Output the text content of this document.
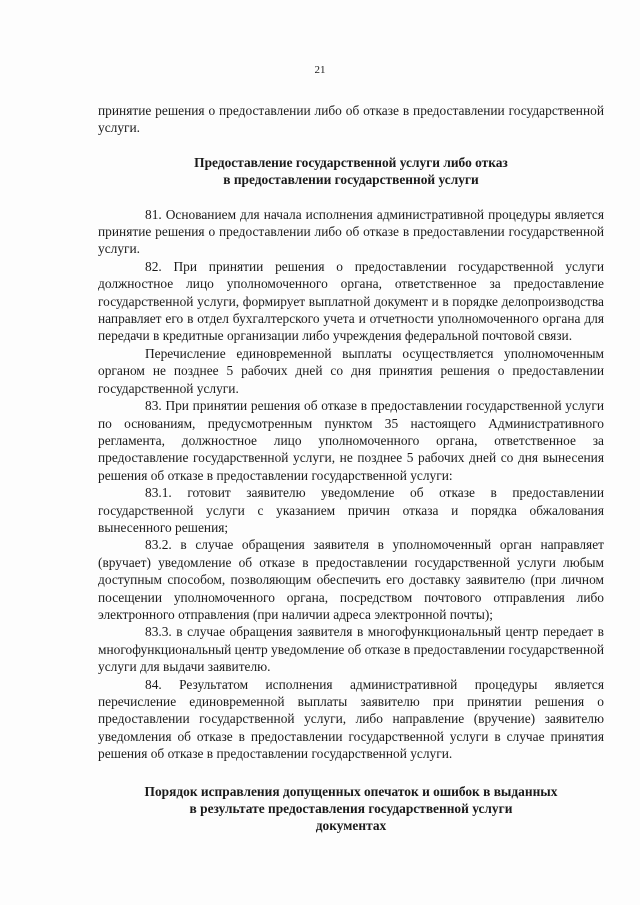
21

принятие решения о предоставлении либо об отказе в предоставлении государственной услуги.

Предоставление государственной услуги либо отказ
в предоставлении государственной услуги

81. Основанием для начала исполнения административной процедуры является принятие решения о предоставлении либо об отказе в предоставлении государственной услуги.

82. При принятии решения о предоставлении государственной услуги должностное лицо уполномоченного органа, ответственное за предоставление государственной услуги, формирует выплатной документ и в порядке делопроизводства направляет его в отдел бухгалтерского учета и отчетности уполномоченного органа для передачи в кредитные организации либо учреждения федеральной почтовой связи.

Перечисление единовременной выплаты осуществляется уполномоченным органом не позднее 5 рабочих дней со дня принятия решения о предоставлении государственной услуги.

83. При принятии решения об отказе в предоставлении государственной услуги по основаниям, предусмотренным пунктом 35 настоящего Административного регламента, должностное лицо уполномоченного органа, ответственное за предоставление государственной услуги, не позднее 5 рабочих дней со дня вынесения решения об отказе в предоставлении государственной услуги:

83.1. готовит заявителю уведомление об отказе в предоставлении государственной услуги с указанием причин отказа и порядка обжалования вынесенного решения;

83.2. в случае обращения заявителя в уполномоченный орган направляет (вручает) уведомление об отказе в предоставлении государственной услуги любым доступным способом, позволяющим обеспечить его доставку заявителю (при личном посещении уполномоченного органа, посредством почтового отправления либо электронного отправления (при наличии адреса электронной почты);

83.3. в случае обращения заявителя в многофункциональный центр передает в многофункциональный центр уведомление об отказе в предоставлении государственной услуги для выдачи заявителю.

84. Результатом исполнения административной процедуры является перечисление единовременной выплаты заявителю при принятии решения о предоставлении государственной услуги, либо направление (вручение) заявителю уведомления об отказе в предоставлении государственной услуги в случае принятия решения об отказе в предоставлении государственной услуги.

Порядок исправления допущенных опечаток и ошибок в выданных
в результате предоставления государственной услуги
документах
